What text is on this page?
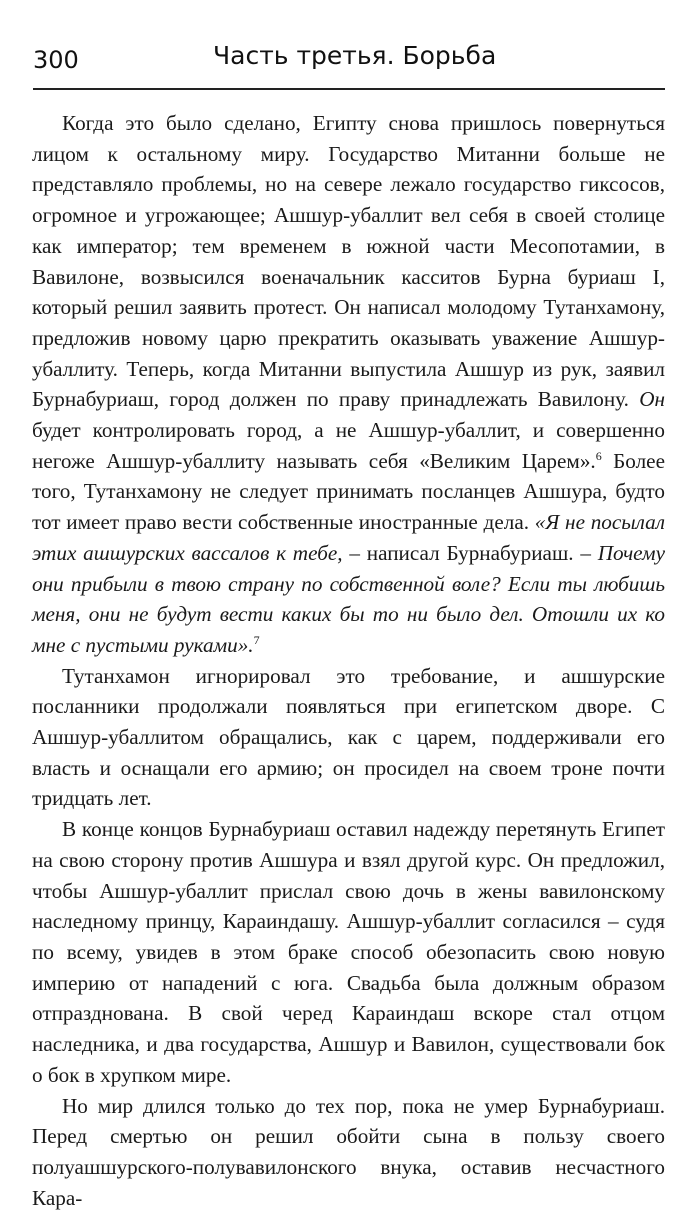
300	Часть третья. Борьба

Когда это было сделано, Египту снова пришлось повернуться лицом к остальному миру. Государство Митанни больше не представляло проблемы, но на севере лежало государство гиксосов, огромное и угрожающее; Ашшур-убаллит вел себя в своей столице как император; тем временем в южной части Месопотамии, в Вавилоне, возвысился военачальник касситов Бурна буриаш I, который решил заявить протест. Он написал молодому Тутанхамону, предложив новому царю прекратить оказывать уважение Ашшур-убаллиту. Теперь, когда Митанни выпустила Ашшур из рук, заявил Бурнабуриаш, город должен по праву принадлежать Вавилону. Он будет контролировать город, а не Ашшур-убаллит, и совершенно негоже Ашшур-убаллиту называть себя «Великим Царем».$^6$ Более того, Тутанхамону не следует принимать посланцев Ашшура, будто тот имеет право вести собственные иностранные дела. «Я не посылал этих ашшурских вассалов к тебе, – написал Бурнабуриаш. – Почему они прибыли в твою страну по собственной воле? Если ты любишь меня, они не будут вести каких бы то ни было дел. Отошли их ко мне с пустыми руками».$^7$

Тутанхамон игнорировал это требование, и ашшурские посланники продолжали появляться при египетском дворе. С Ашшур-убаллитом обращались, как с царем, поддерживали его власть и оснащали его армию; он просидел на своем троне почти тридцать лет.

В конце концов Бурнабуриаш оставил надежду перетянуть Египет на свою сторону против Ашшура и взял другой курс. Он предложил, чтобы Ашшур-убаллит прислал свою дочь в жены вавилонскому наследному принцу, Караиндашу. Ашшур-убаллит согласился – судя по всему, увидев в этом браке способ обезопасить свою новую империю от нападений с юга. Свадьба была должным образом отпразднована. В свой черед Караиндаш вскоре стал отцом наследника, и два государства, Ашшур и Вавилон, существовали бок о бок в хрупком мире.

Но мир длился только до тех пор, пока не умер Бурнабуриаш. Перед смертью он решил обойти сына в пользу своего полуашшурского-полувавилонского внука, оставив несчастного Кара-
